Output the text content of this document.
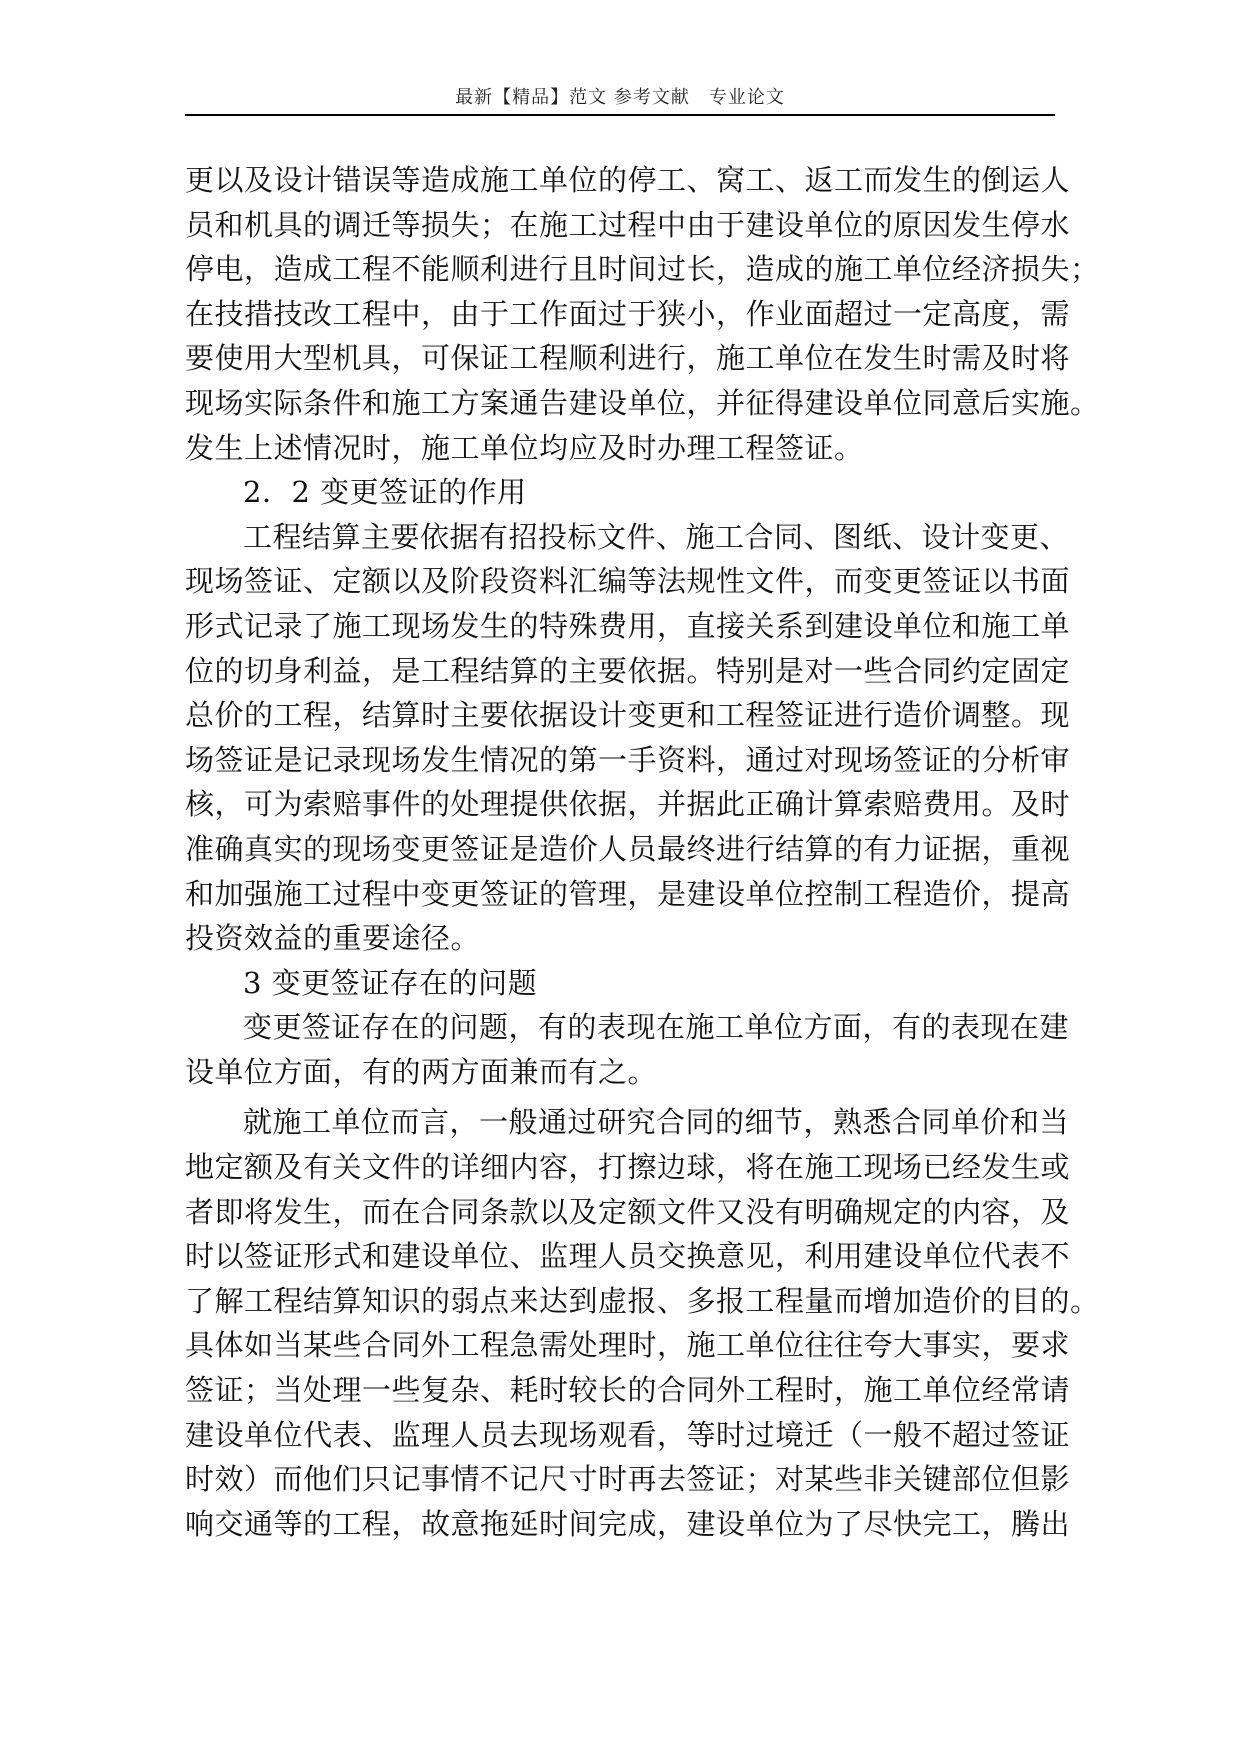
最新【精品】范文 参考文献　专业论文
更以及设计错误等造成施工单位的停工、窝工、返工而发生的倒运人
员和机具的调迁等损失；在施工过程中由于建设单位的原因发生停水
停电，造成工程不能顺利进行且时间过长，造成的施工单位经济损失；
在技措技改工程中，由于工作面过于狭小，作业面超过一定高度，需
要使用大型机具，可保证工程顺利进行，施工单位在发生时需及时将
现场实际条件和施工方案通告建设单位，并征得建设单位同意后实施。
发生上述情况时，施工单位均应及时办理工程签证。
2．2 变更签证的作用
工程结算主要依据有招投标文件、施工合同、图纸、设计变更、
现场签证、定额以及阶段资料汇编等法规性文件，而变更签证以书面
形式记录了施工现场发生的特殊费用，直接关系到建设单位和施工单
位的切身利益，是工程结算的主要依据。特别是对一些合同约定固定
总价的工程，结算时主要依据设计变更和工程签证进行造价调整。现
场签证是记录现场发生情况的第一手资料，通过对现场签证的分析审
核，可为索赔事件的处理提供依据，并据此正确计算索赔费用。及时
准确真实的现场变更签证是造价人员最终进行结算的有力证据，重视
和加强施工过程中变更签证的管理，是建设单位控制工程造价，提高
投资效益的重要途径。
3 变更签证存在的问题
变更签证存在的问题，有的表现在施工单位方面，有的表现在建
设单位方面，有的两方面兼而有之。
就施工单位而言，一般通过研究合同的细节，熟悉合同单价和当
地定额及有关文件的详细内容，打擦边球，将在施工现场已经发生或
者即将发生，而在合同条款以及定额文件又没有明确规定的内容，及
时以签证形式和建设单位、监理人员交换意见，利用建设单位代表不
了解工程结算知识的弱点来达到虚报、多报工程量而增加造价的目的。
具体如当某些合同外工程急需处理时，施工单位往往夸大事实，要求
签证；当处理一些复杂、耗时较长的合同外工程时，施工单位经常请
建设单位代表、监理人员去现场观看，等时过境迁（一般不超过签证
时效）而他们只记事情不记尺寸时再去签证；对某些非关键部位但影
响交通等的工程，故意拖延时间完成，建设单位为了尽快完工，腾出
